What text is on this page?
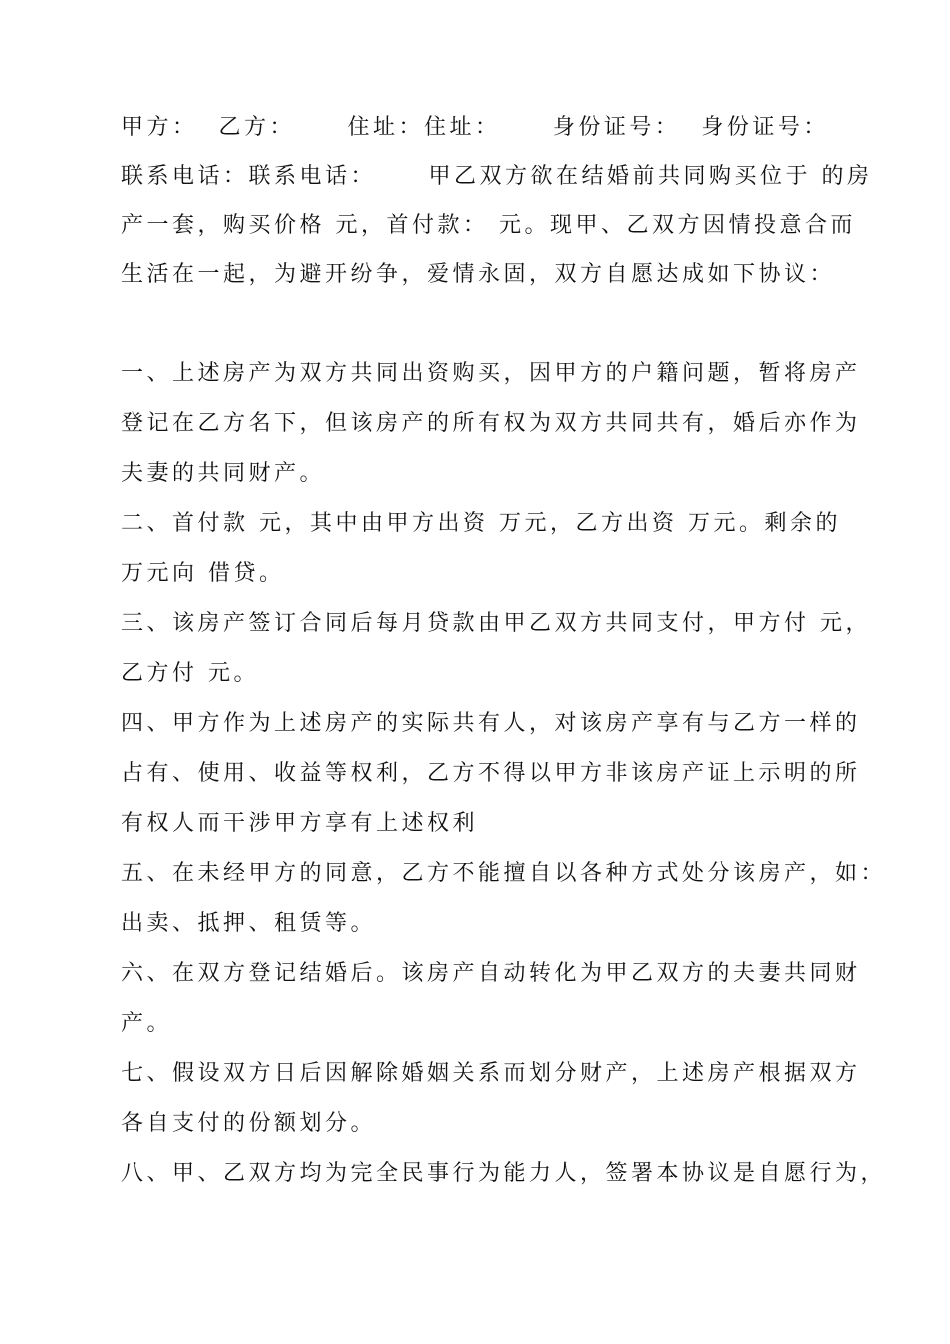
甲方：  乙方：     住址：住址：     身份证号：  身份证号：
联系电话：联系电话：     甲乙双方欲在结婚前共同购买位于 的房
产一套，购买价格 元，首付款： 元。现甲、乙双方因情投意合而
生活在一起，为避开纷争，爱情永固，双方自愿达成如下协议：
一、上述房产为双方共同出资购买，因甲方的户籍问题，暂将房产
登记在乙方名下，但该房产的所有权为双方共同共有，婚后亦作为
夫妻的共同财产。
二、首付款 元，其中由甲方出资 万元，乙方出资 万元。剩余的
万元向 借贷。
三、该房产签订合同后每月贷款由甲乙双方共同支付，甲方付 元，
乙方付 元。
四、甲方作为上述房产的实际共有人，对该房产享有与乙方一样的
占有、使用、收益等权利，乙方不得以甲方非该房产证上示明的所
有权人而干涉甲方享有上述权利
五、在未经甲方的同意，乙方不能擅自以各种方式处分该房产，如：
出卖、抵押、租赁等。
六、在双方登记结婚后。该房产自动转化为甲乙双方的夫妻共同财
产。
七、假设双方日后因解除婚姻关系而划分财产，上述房产根据双方
各自支付的份额划分。
八、甲、乙双方均为完全民事行为能力人，签署本协议是自愿行为，
